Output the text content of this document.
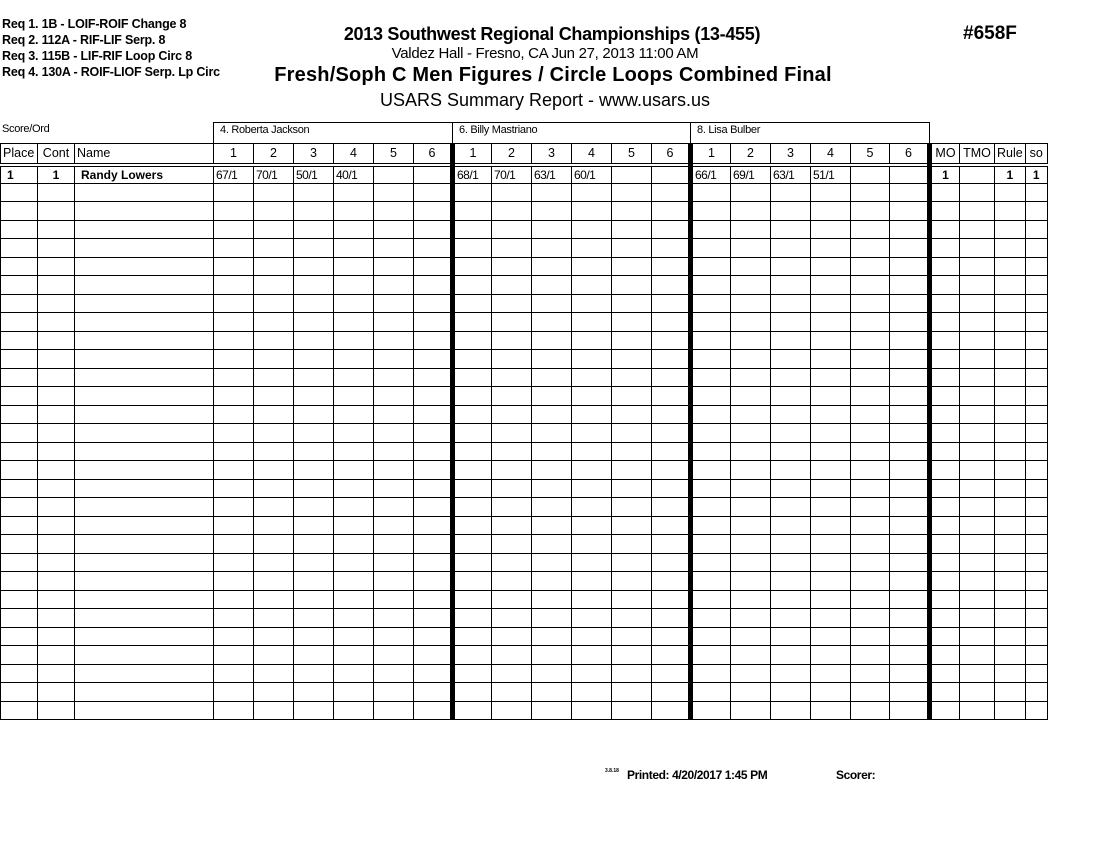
Req 1. 1B - LOIF-ROIF Change 8
Req 2. 112A - RIF-LIF Serp. 8
Req 3. 115B - LIF-RIF Loop Circ 8
Req 4. 130A - ROIF-LIOF Serp. Lp Circ
2013 Southwest Regional Championships (13-455)
Valdez Hall - Fresno, CA Jun 27, 2013 11:00 AM
Fresh/Soph C Men Figures / Circle Loops Combined Final
USARS Summary Report - www.usars.us
#658F
Score/Ord	4. Roberta Jackson	6. Billy Mastriano	8. Lisa Bulber
Place	Cont	Name	1	2	3	4	5	6	1	2	3	4	5	6	1	2	3	4	5	6	MO	TMO	Rule	so
1	1	Randy Lowers	67/1	70/1	50/1	40/1			68/1	70/1	63/1	60/1			66/1	69/1	63/1	51/1			1		1	1

3.8.18 Printed: 4/20/2017 1:45 PM	Scorer:
